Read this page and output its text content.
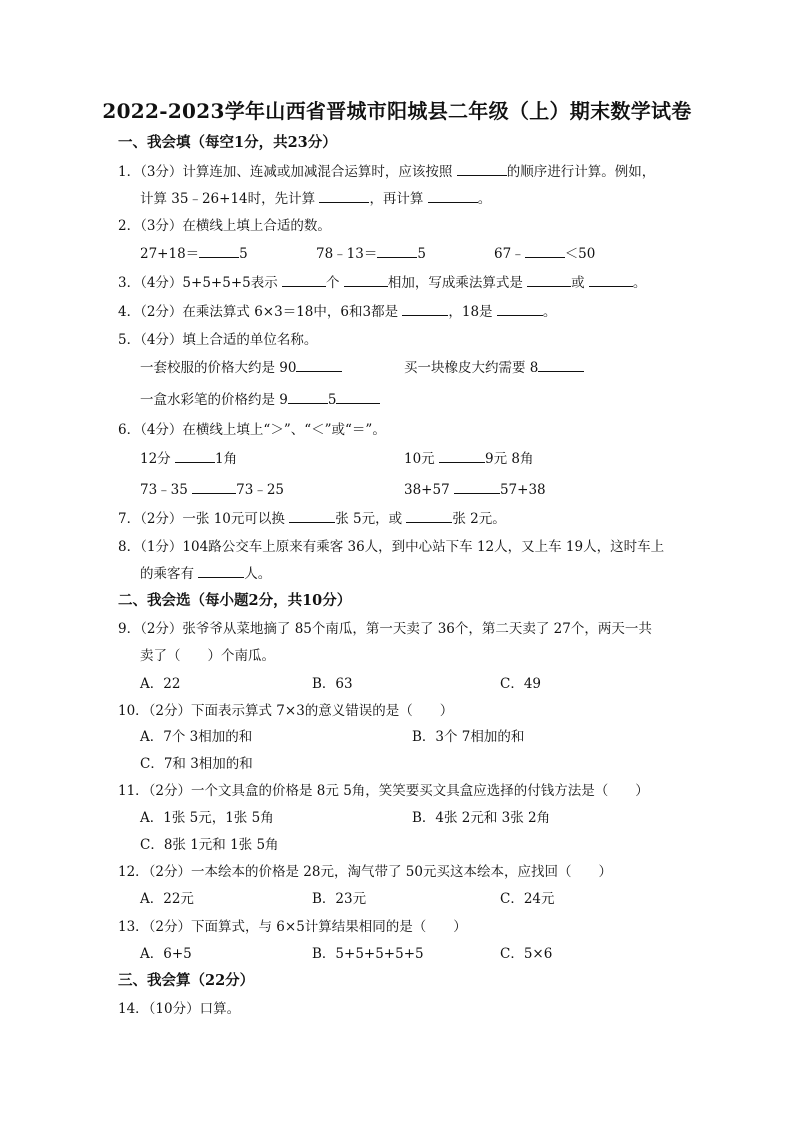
2022-2023学年山西省晋城市阳城县二年级（上）期末数学试卷
一、我会填（每空1分，共23分）
1．（3分）计算连加、连减或加减混合运算时，应该按照	的顺序进行计算。例如，
计算 35﹣26+14时，先计算	，再计算	。
2．（3分）在横线上填上合适的数。
27+18＝	5	78﹣13＝	5	67﹣	＜50
3．（4分）5+5+5+5表示	个	相加，写成乘法算式是	或	。
4．（2分）在乘法算式 6×3＝18中，6和3都是	，18是	。
5．（4分）填上合适的单位名称。
一套校服的价格大约是 90	买一块橡皮大约需要 8
一盒水彩笔的价格约是 9	5
6．（4分）在横线上填上“＞”、“＜”或“＝”。
12分	1角	10元	9元 8角
73﹣35	73﹣25	38+57	57+38
7．（2分）一张 10元可以换	张 5元，或	张 2元。
8．（1分）104路公交车上原来有乘客 36人，到中心站下车 12人，又上车 19人，这时车上
的乘客有	人。
二、我会选（每小题2分，共10分）
9．（2分）张爷爷从菜地摘了 85个南瓜，第一天卖了 36个，第二天卖了 27个，两天一共
卖了（　　）个南瓜。
A．22	B．63	C．49
10．（2分）下面表示算式 7×3的意义错误的是（　　）
A．7个 3相加的和	B．3个 7相加的和
C．7和 3相加的和
11．（2分）一个文具盒的价格是 8元 5角，笑笑要买文具盒应选择的付钱方法是（　　）
A．1张 5元，1张 5角	B．4张 2元和 3张 2角
C．8张 1元和 1张 5角
12．（2分）一本绘本的价格是 28元，淘气带了 50元买这本绘本，应找回（　　）
A．22元	B．23元	C．24元
13．（2分）下面算式，与 6×5计算结果相同的是（　　）
A．6+5	B．5+5+5+5+5	C．5×6
三、我会算（22分）
14．（10分）口算。
